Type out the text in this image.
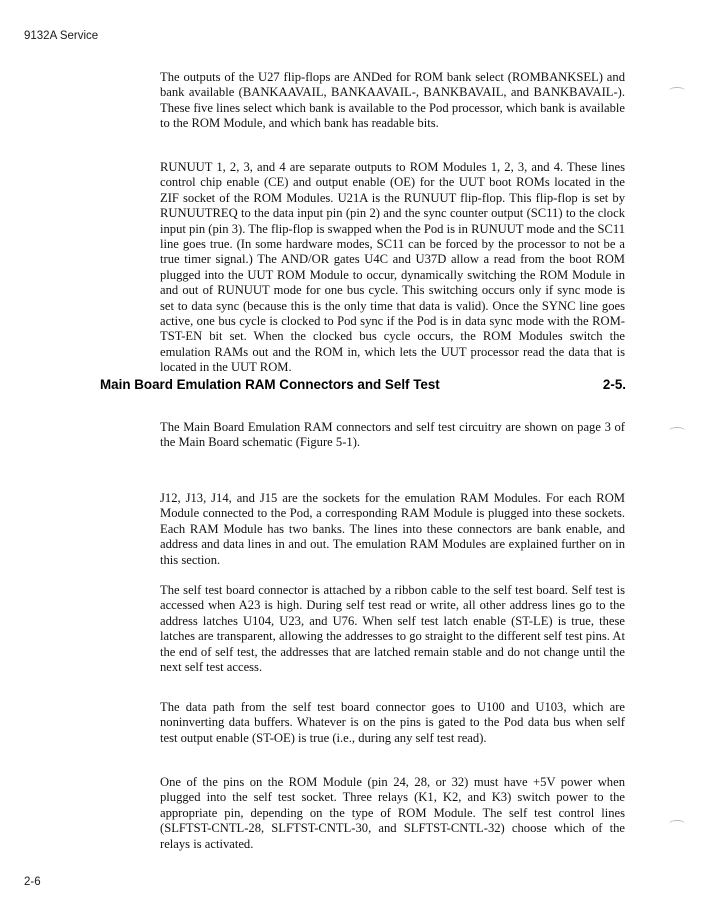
9132A Service

The outputs of the U27 flip-flops are ANDed for ROM bank select (ROMBANKSEL) and bank available (BANKAAVAIL, BANKAAVAIL-, BANKBAVAIL, and BANKBAVAIL-). These five lines select which bank is available to the Pod processor, which bank is available to the ROM Module, and which bank has readable bits.

RUNUUT 1, 2, 3, and 4 are separate outputs to ROM Modules 1, 2, 3, and 4. These lines control chip enable (CE) and output enable (OE) for the UUT boot ROMs located in the ZIF socket of the ROM Modules. U21A is the RUNUUT flip-flop. This flip-flop is set by RUNUUTREQ to the data input pin (pin 2) and the sync counter output (SC11) to the clock input pin (pin 3). The flip-flop is swapped when the Pod is in RUNUUT mode and the SC11 line goes true. (In some hardware modes, SC11 can be forced by the processor to not be a true timer signal.) The AND/OR gates U4C and U37D allow a read from the boot ROM plugged into the UUT ROM Module to occur, dynamically switching the ROM Module in and out of RUNUUT mode for one bus cycle. This switching occurs only if sync mode is set to data sync (because this is the only time that data is valid). Once the SYNC line goes active, one bus cycle is clocked to Pod sync if the Pod is in data sync mode with the ROM-TST-EN bit set. When the clocked bus cycle occurs, the ROM Modules switch the emulation RAMs out and the ROM in, which lets the UUT processor read the data that is located in the UUT ROM.

Main Board Emulation RAM Connectors and Self Test	2-5.

The Main Board Emulation RAM connectors and self test circuitry are shown on page 3 of the Main Board schematic (Figure 5-1).

J12, J13, J14, and J15 are the sockets for the emulation RAM Modules. For each ROM Module connected to the Pod, a corresponding RAM Module is plugged into these sockets. Each RAM Module has two banks. The lines into these connectors are bank enable, and address and data lines in and out. The emulation RAM Modules are explained further on in this section.

The self test board connector is attached by a ribbon cable to the self test board. Self test is accessed when A23 is high. During self test read or write, all other address lines go to the address latches U104, U23, and U76. When self test latch enable (ST-LE) is true, these latches are transparent, allowing the addresses to go straight to the different self test pins. At the end of self test, the addresses that are latched remain stable and do not change until the next self test access.

The data path from the self test board connector goes to U100 and U103, which are noninverting data buffers. Whatever is on the pins is gated to the Pod data bus when self test output enable (ST-OE) is true (i.e., during any self test read).

One of the pins on the ROM Module (pin 24, 28, or 32) must have +5V power when plugged into the self test socket. Three relays (K1, K2, and K3) switch power to the appropriate pin, depending on the type of ROM Module. The self test control lines (SLFTST-CNTL-28, SLFTST-CNTL-30, and SLFTST-CNTL-32) choose which of the relays is activated.

2-6
